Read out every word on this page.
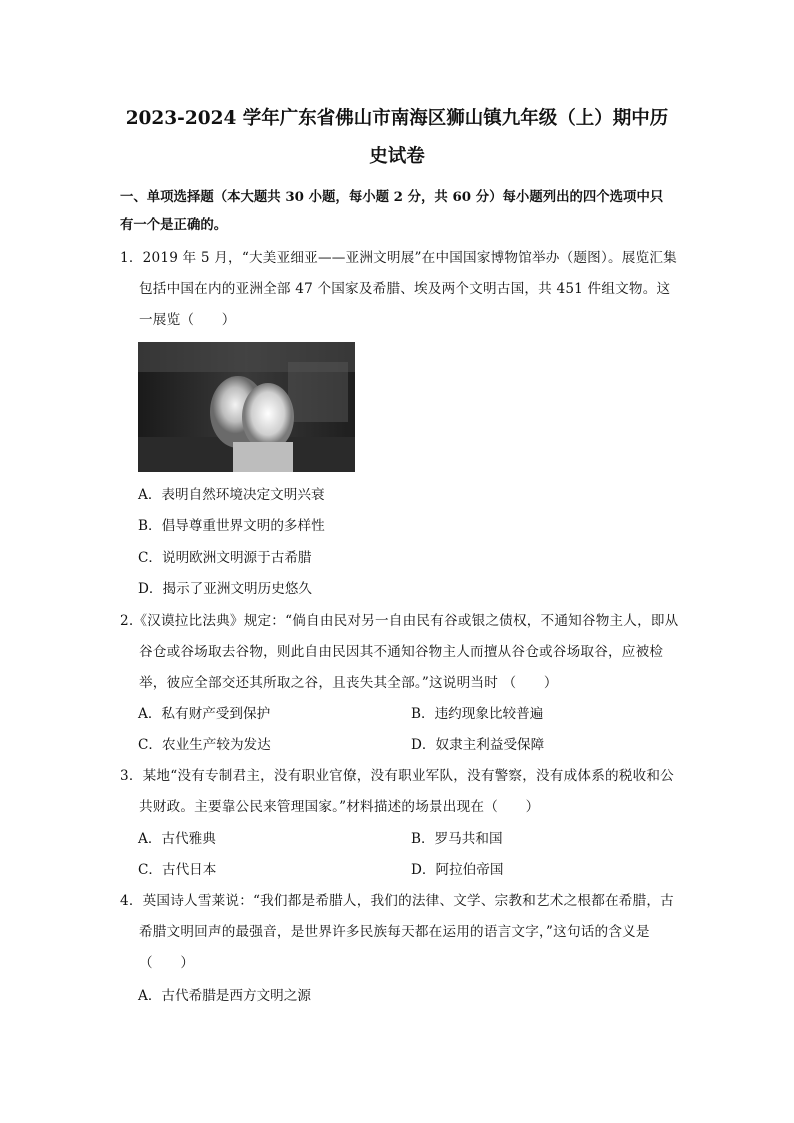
2023-2024 学年广东省佛山市南海区狮山镇九年级（上）期中历
史试卷
一、单项选择题（本大题共 30 小题，每小题 2 分，共 60 分）每小题列出的四个选项中只
有一个是正确的。
1．2019 年 5 月，“大美亚细亚——亚洲文明展”在中国国家博物馆举办（题图）。展览汇集包括中国在内的亚洲全部 47 个国家及希腊、埃及两个文明古国，共 451 件组文物。这一展览（　　）
A．表明自然环境决定文明兴衰
B．倡导尊重世界文明的多样性
C．说明欧洲文明源于古希腊
D．揭示了亚洲文明历史悠久
2.《汉谟拉比法典》规定：“倘自由民对另一自由民有谷或银之债权，不通知谷物主人，即从谷仓或谷场取去谷物，则此自由民因其不通知谷物主人而擅从谷仓或谷场取谷，应被检举，彼应全部交还其所取之谷，且丧失其全部。”这说明当时 （　　）
A．私有财产受到保护	B．违约现象比较普遍
C．农业生产较为发达	D．奴隶主利益受保障
3．某地“没有专制君主，没有职业官僚，没有职业军队，没有警察，没有成体系的税收和公共财政。主要靠公民来管理国家。”材料描述的场景出现在（　　）
A．古代雅典	B．罗马共和国
C．古代日本	D．阿拉伯帝国
4．英国诗人雪莱说：“我们都是希腊人，我们的法律、文学、宗教和艺术之根都在希腊，古希腊文明回声的最强音，是世界许多民族每天都在运用的语言文字，”这句话的含义是（　　）
A．古代希腊是西方文明之源
